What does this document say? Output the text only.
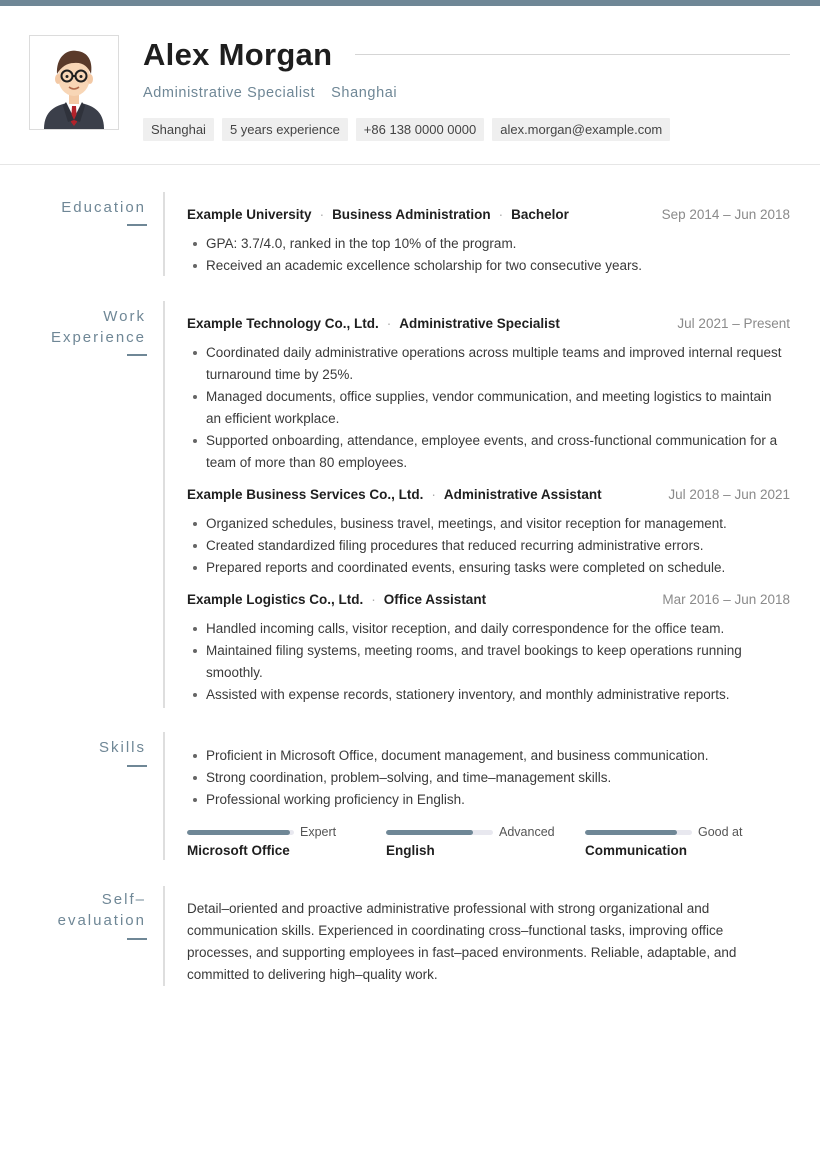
Alex Morgan
Administrative Specialist Shanghai
Shanghai	5 years experience	+86 138 0000 0000	alex.morgan@example.com
Education	Example University · Business Administration · Bachelor	Sep 2014 – Jun 2018
GPA: 3.7/4.0, ranked in the top 10% of the program.
Received an academic excellence scholarship for two consecutive years.
Work
Experience
Example Technology Co., Ltd. · Administrative Specialist	Jul 2021 – Present
Coordinated daily administrative operations across multiple teams and improved internal request turnaround time by 25%.
Managed documents, office supplies, vendor communication, and meeting logistics to maintain an efficient workplace.
Supported onboarding, attendance, employee events, and cross-functional communication for a team of more than 80 employees.
Example Business Services Co., Ltd. · Administrative Assistant	Jul 2018 – Jun 2021
Organized schedules, business travel, meetings, and visitor reception for management.
Created standardized filing procedures that reduced recurring administrative errors.
Prepared reports and coordinated events, ensuring tasks were completed on schedule.
Example Logistics Co., Ltd. · Office Assistant	Mar 2016 – Jun 2018
Handled incoming calls, visitor reception, and daily correspondence for the office team.
Maintained filing systems, meeting rooms, and travel bookings to keep operations running smoothly.
Assisted with expense records, stationery inventory, and monthly administrative reports.
Skills	Proficient in Microsoft Office, document management, and business communication.
Strong coordination, problem–solving, and time–management skills.
Professional working proficiency in English.
Expert
Microsoft Office
Advanced
English
Good at
Communication
Self–
evaluation

Detail–oriented and proactive administrative professional with strong organizational and communication skills. Experienced in coordinating cross–functional tasks, improving office processes, and supporting employees in fast–paced environments. Reliable, adaptable, and committed to delivering high–quality work.
